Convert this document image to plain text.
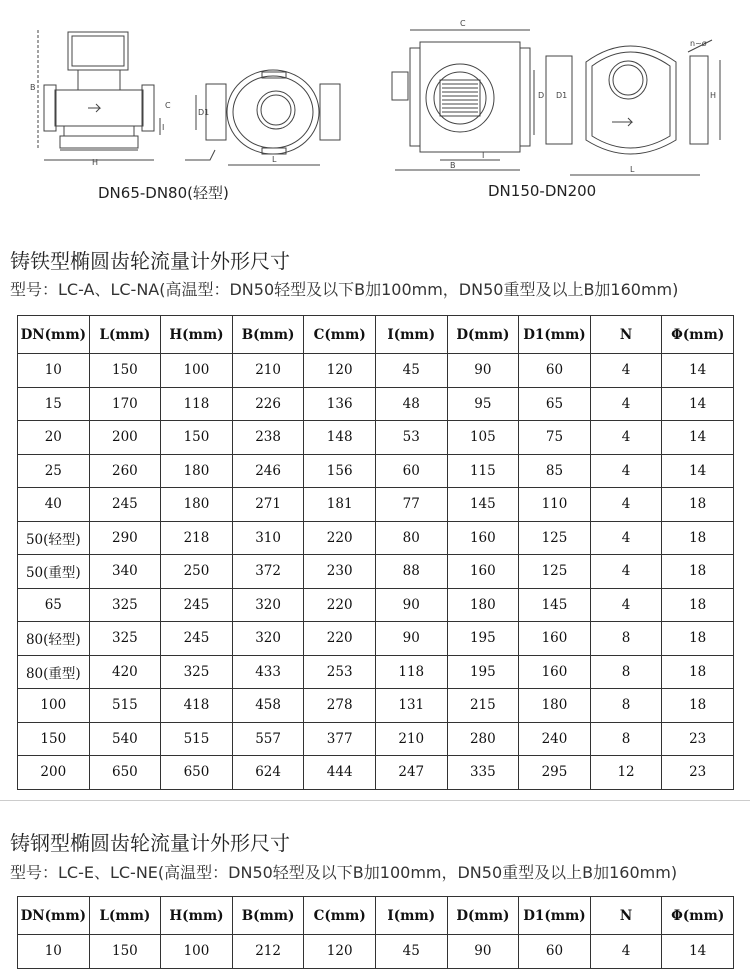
B
C
I
H	L
D1
C
B
I
D D1	H
L
n~ø
DN65-DN80(轻型)	DN150-DN200
铸铁型椭圆齿轮流量计外形尺寸
型号：LC-A、LC-NA(高温型：DN50轻型及以下B加100mm，DN50重型及以上B加160mm)
DN(mm)	L(mm)	H(mm)	B(mm)	C(mm)	I(mm)	D(mm)	D1(mm)	N	Φ(mm)
10	150	100	210	120	45	90	60	4	14
15	170	118	226	136	48	95	65	4	14
20	200	150	238	148	53	105	75	4	14
25	260	180	246	156	60	115	85	4	14
40	245	180	271	181	77	145	110	4	18
50(轻型)	290	218	310	220	80	160	125	4	18
50(重型)	340	250	372	230	88	160	125	4	18
65	325	245	320	220	90	180	145	4	18
80(轻型)	325	245	320	220	90	195	160	8	18
80(重型)	420	325	433	253	118	195	160	8	18
100	515	418	458	278	131	215	180	8	18
150	540	515	557	377	210	280	240	8	23
200	650	650	624	444	247	335	295	12	23
铸钢型椭圆齿轮流量计外形尺寸
型号：LC-E、LC-NE(高温型：DN50轻型及以下B加100mm，DN50重型及以上B加160mm)
DN(mm)	L(mm)	H(mm)	B(mm)	C(mm)	I(mm)	D(mm)	D1(mm)	N	Φ(mm)
10	150	100	212	120	45	90	60	4	14
